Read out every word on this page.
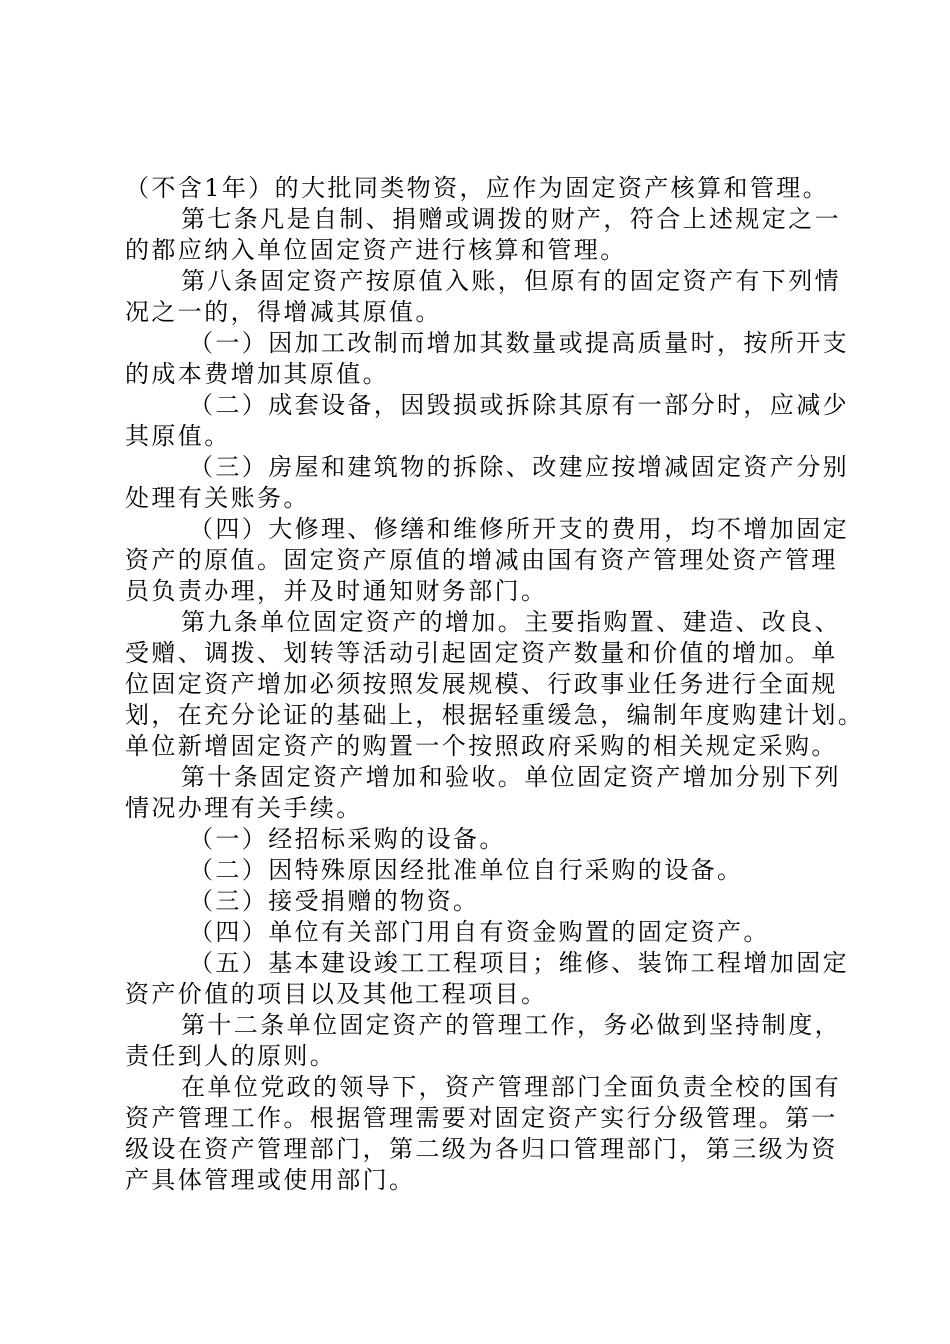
（不含1年）的大批同类物资，应作为固定资产核算和管理。

第七条凡是自制、捐赠或调拨的财产，符合上述规定之一
的都应纳入单位固定资产进行核算和管理。

第八条固定资产按原值入账，但原有的固定资产有下列情
况之一的，得增减其原值。

（一）因加工改制而增加其数量或提高质量时，按所开支
的成本费增加其原值。

（二）成套设备，因毁损或拆除其原有一部分时，应减少
其原值。

（三）房屋和建筑物的拆除、改建应按增减固定资产分别
处理有关账务。

（四）大修理、修缮和维修所开支的费用，均不增加固定
资产的原值。固定资产原值的增减由国有资产管理处资产管理
员负责办理，并及时通知财务部门。

第九条单位固定资产的增加。主要指购置、建造、改良、
受赠、调拨、划转等活动引起固定资产数量和价值的增加。单
位固定资产增加必须按照发展规模、行政事业任务进行全面规
划，在充分论证的基础上，根据轻重缓急，编制年度购建计划。
单位新增固定资产的购置一个按照政府采购的相关规定采购。

第十条固定资产增加和验收。单位固定资产增加分别下列
情况办理有关手续。

（一）经招标采购的设备。

（二）因特殊原因经批准单位自行采购的设备。

（三）接受捐赠的物资。

（四）单位有关部门用自有资金购置的固定资产。

（五）基本建设竣工工程项目；维修、装饰工程增加固定
资产价值的项目以及其他工程项目。

第十二条单位固定资产的管理工作，务必做到坚持制度，
责任到人的原则。

在单位党政的领导下，资产管理部门全面负责全校的国有
资产管理工作。根据管理需要对固定资产实行分级管理。第一
级设在资产管理部门，第二级为各归口管理部门，第三级为资
产具体管理或使用部门。
